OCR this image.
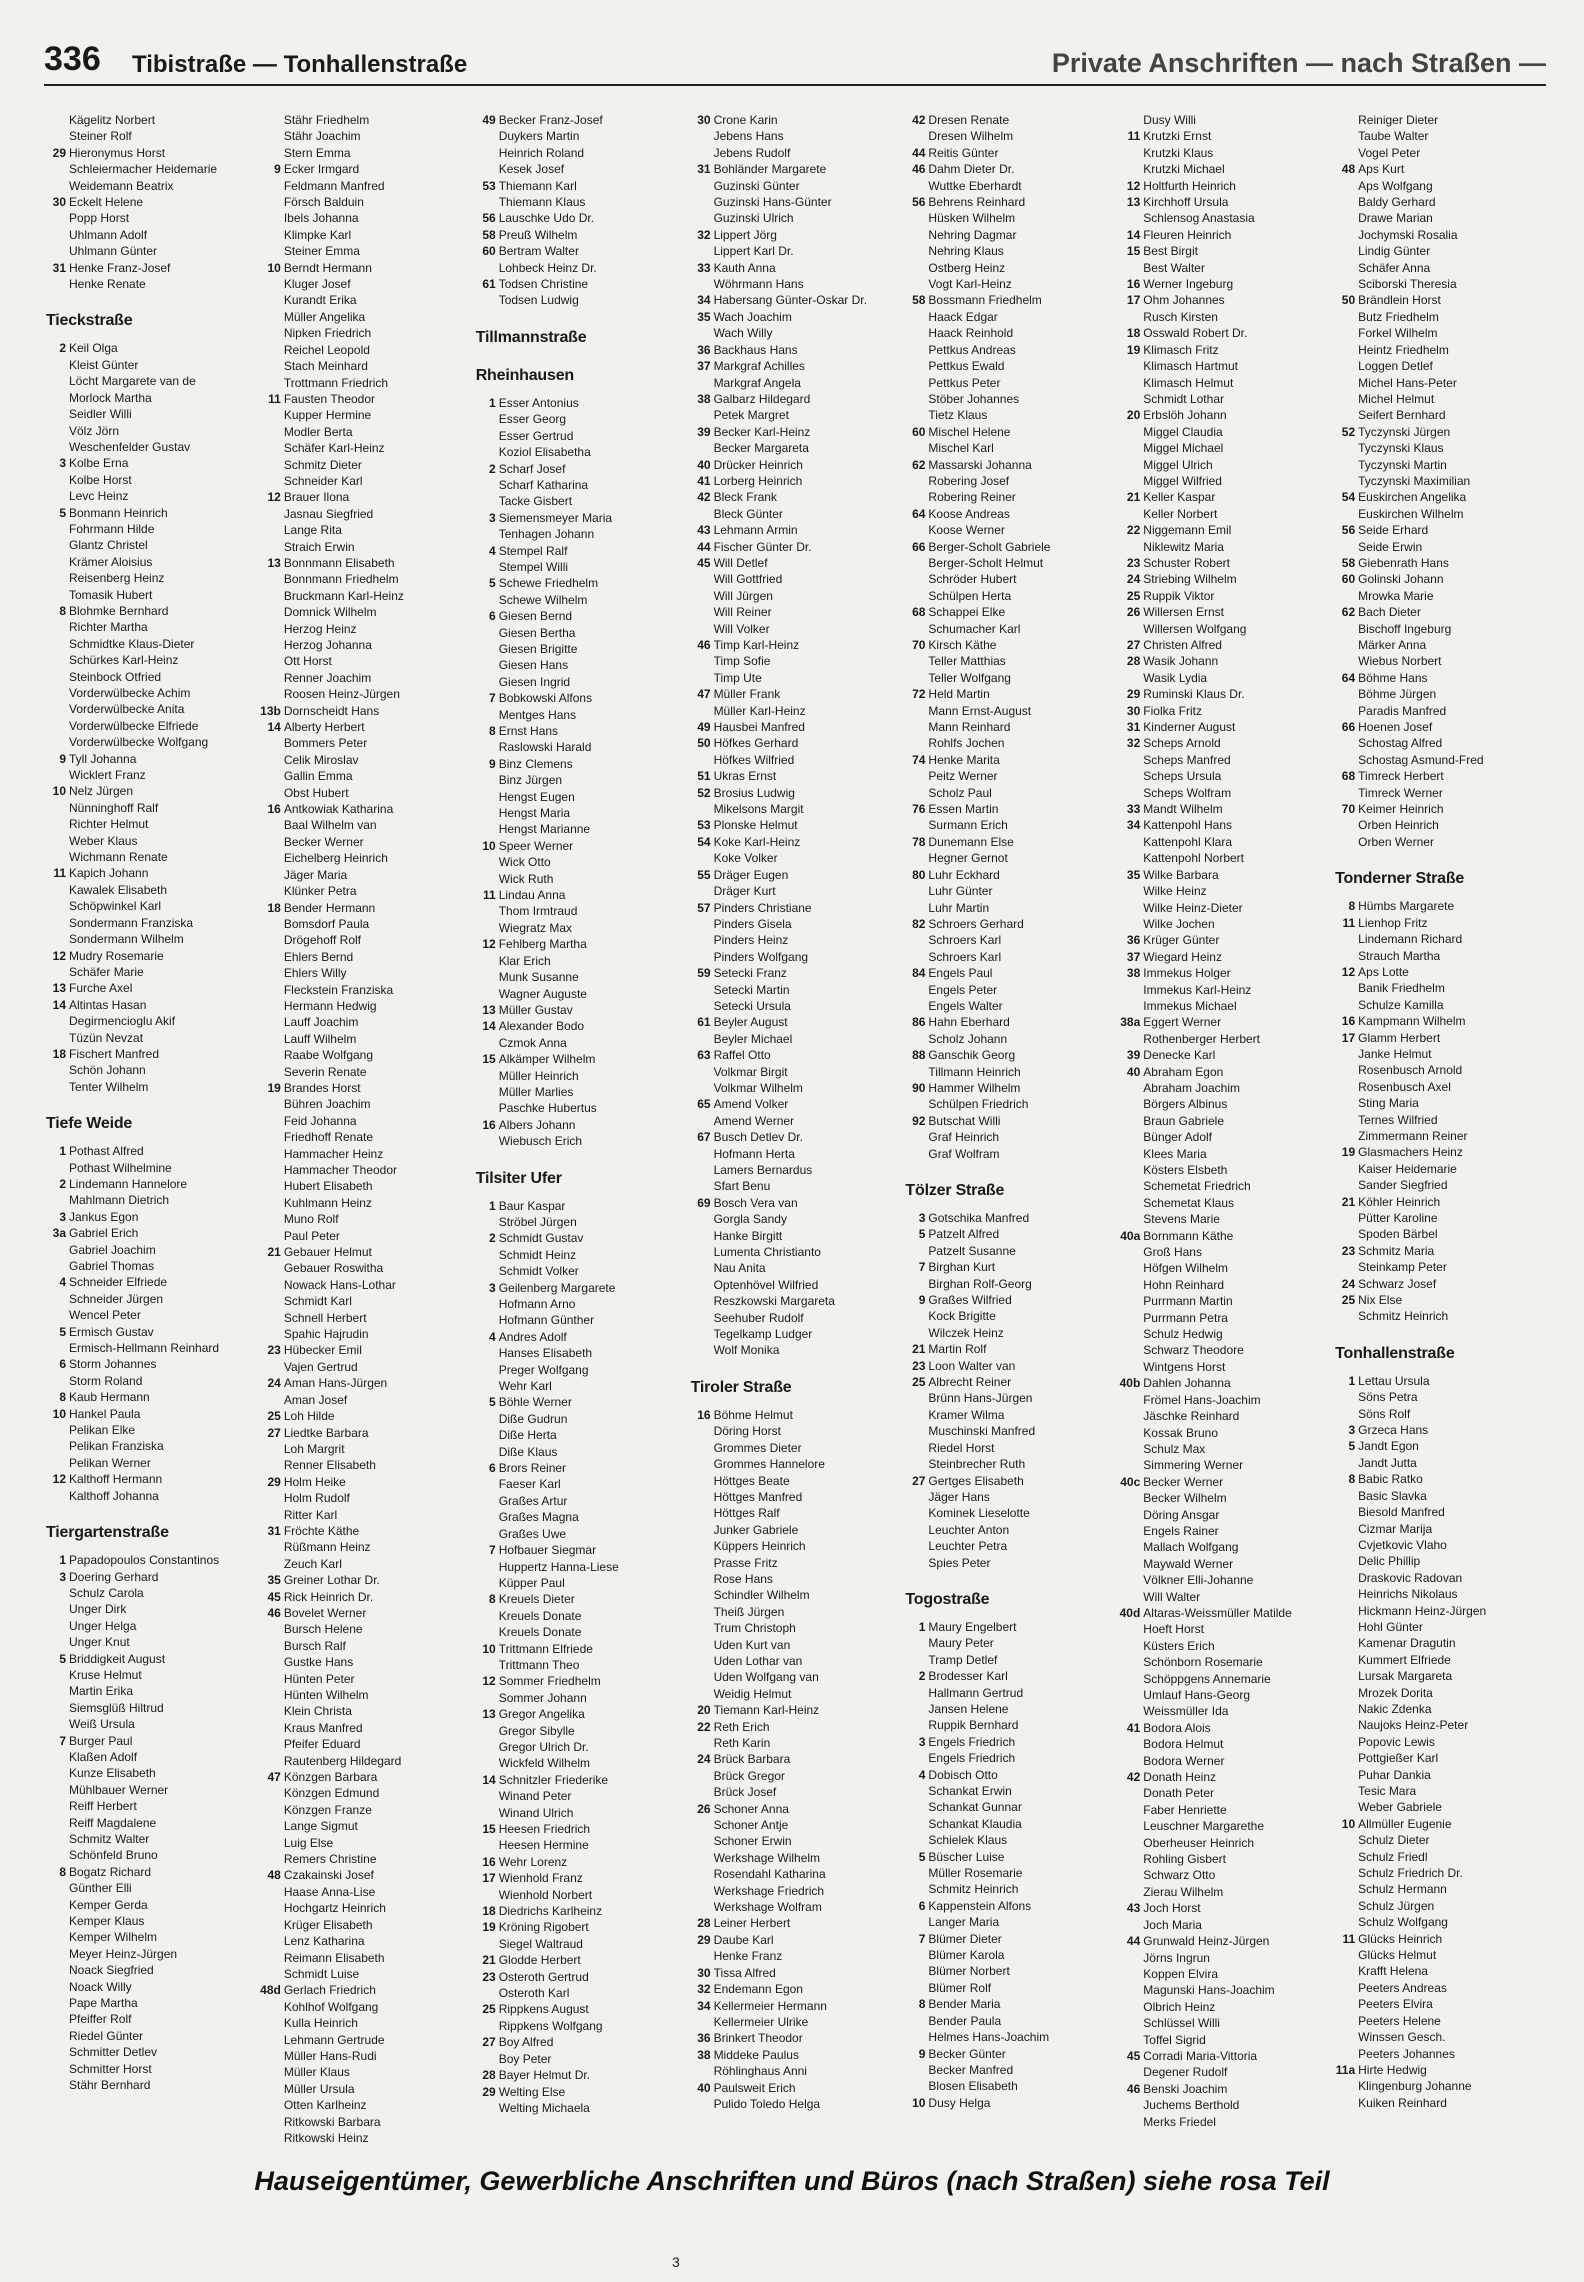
336 Tibistraße — Tonhallenstraße	Private Anschriften — nach Straßen —
Kägelitz Norbert
Steiner Rolf
29 Hieronymus Horst
Schleiermacher Heidemarie
Weidemann Beatrix
30 Eckelt Helene
Popp Horst
Uhlmann Adolf
Uhlmann Günter
31 Henke Franz-Josef
Henke Renate
Tieckstraße
2 Keil Olga
Kleist Günter
Löcht Margarete van de
Morlock Martha
Seidler Willi
Völz Jörn
Weschenfelder Gustav
3 Kolbe Erna
Kolbe Horst
Levc Heinz
5 Bonmann Heinrich
Fohrmann Hilde
Glantz Christel
Krämer Aloisius
Reisenberg Heinz
Tomasik Hubert
8 Blohmke Bernhard
Richter Martha
Schmidtke Klaus-Dieter
Schürkes Karl-Heinz
Steinbock Otfried
Vorderwülbecke Achim
Vorderwülbecke Anita
Vorderwülbecke Elfriede
Vorderwülbecke Wolfgang
9 Tyll Johanna
Wicklert Franz
10 Nelz Jürgen
Nünninghoff Ralf
Richter Helmut
Weber Klaus
Wichmann Renate
11 Kapich Johann
Kawalek Elisabeth
Schöpwinkel Karl
Sondermann Franziska
Sondermann Wilhelm
12 Mudry Rosemarie
Schäfer Marie
13 Furche Axel
14 Altintas Hasan
Degirmencioglu Akif
Tüzün Nevzat
18 Fischert Manfred
Schön Johann
Tenter Wilhelm
Tiefe Weide
1 Pothast Alfred
Pothast Wilhelmine
2 Lindemann Hannelore
Mahlmann Dietrich
3 Jankus Egon
3a Gabriel Erich
Gabriel Joachim
Gabriel Thomas
4 Schneider Elfriede
Schneider Jürgen
Wencel Peter
5 Ermisch Gustav
Ermisch-Hellmann Reinhard
6 Storm Johannes
Storm Roland
8 Kaub Hermann
10 Hankel Paula
Pelikan Elke
Pelikan Franziska
Pelikan Werner
12 Kalthoff Hermann
Kalthoff Johanna
Tiergartenstraße
1 Papadopoulos Constantinos
3 Doering Gerhard
Schulz Carola
Unger Dirk
Unger Helga
Unger Knut
5 Briddigkeit August
Kruse Helmut
Martin Erika
Siemsglüß Hiltrud
Weiß Ursula
7 Burger Paul
Klaßen Adolf
Kunze Elisabeth
Mühlbauer Werner
Reiff Herbert
Reiff Magdalene
Schmitz Walter
Schönfeld Bruno
8 Bogatz Richard
Günther Elli
Kemper Gerda
Kemper Klaus
Kemper Wilhelm
Meyer Heinz-Jürgen
Noack Siegfried
Noack Willy
Pape Martha
Pfeiffer Rolf
Riedel Günter
Schmitter Detlev
Schmitter Horst
Stähr Bernhard
Stähr Friedhelm
Stähr Joachim
Stern Emma
9 Ecker Irmgard
Feldmann Manfred
Försch Balduin
Ibels Johanna
Klimpke Karl
Steiner Emma
10 Berndt Hermann
Kluger Josef
Kurandt Erika
Müller Angelika
Nipken Friedrich
Reichel Leopold
Stach Meinhard
Trottmann Friedrich
11 Fausten Theodor
Kupper Hermine
Modler Berta
Schäfer Karl-Heinz
Schmitz Dieter
Schneider Karl
12 Brauer Ilona
Jasnau Siegfried
Lange Rita
Straich Erwin
13 Bonnmann Elisabeth
Bonnmann Friedhelm
Bruckmann Karl-Heinz
Domnick Wilhelm
Herzog Heinz
Herzog Johanna
Ott Horst
Renner Joachim
Roosen Heinz-Jürgen
13b Dornscheidt Hans
14 Alberty Herbert
Bommers Peter
Celik Miroslav
Gallin Emma
Obst Hubert
16 Antkowiak Katharina
Baal Wilhelm van
Becker Werner
Eichelberg Heinrich
Jäger Maria
Klünker Petra
18 Bender Hermann
Bomsdorf Paula
Drögehoff Rolf
Ehlers Bernd
Ehlers Willy
Fleckstein Franziska
Hermann Hedwig
Lauff Joachim
Lauff Wilhelm
Raabe Wolfgang
Severin Renate
19 Brandes Horst
Bühren Joachim
Feid Johanna
Friedhoff Renate
Hammacher Heinz
Hammacher Theodor
Hubert Elisabeth
Kuhlmann Heinz
Muno Rolf
Paul Peter
21 Gebauer Helmut
Gebauer Roswitha
Nowack Hans-Lothar
Schmidt Karl
Schnell Herbert
Spahic Hajrudin
23 Hübecker Emil
Vajen Gertrud
24 Aman Hans-Jürgen
Aman Josef
25 Loh Hilde
27 Liedtke Barbara
Loh Margrit
Renner Elisabeth
29 Holm Heike
Holm Rudolf
Ritter Karl
31 Fröchte Käthe
Rüßmann Heinz
Zeuch Karl
35 Greiner Lothar Dr.
45 Rick Heinrich Dr.
46 Bovelet Werner
Bursch Helene
Bursch Ralf
Gustke Hans
Hünten Peter
Hünten Wilhelm
Klein Christa
Kraus Manfred
Pfeifer Eduard
Rautenberg Hildegard
47 Könzgen Barbara
Könzgen Edmund
Könzgen Franze
Lange Sigmut
Luig Else
Remers Christine
48 Czakainski Josef
Haase Anna-Lise
Hochgartz Heinrich
Krüger Elisabeth
Lenz Katharina
Reimann Elisabeth
Schmidt Luise
48d Gerlach Friedrich
Kohlhof Wolfgang
Kulla Heinrich
Lehmann Gertrude
Müller Hans-Rudi
Müller Klaus
Müller Ursula
Otten Karlheinz
Ritkowski Barbara
Ritkowski Heinz
49 Becker Franz-Josef
Duykers Martin
Heinrich Roland
Kesek Josef
53 Thiemann Karl
Thiemann Klaus
56 Lauschke Udo Dr.
58 Preuß Wilhelm
60 Bertram Walter
Lohbeck Heinz Dr.
61 Todsen Christine
Todsen Ludwig
Tillmannstraße
Rheinhausen
1 Esser Antonius
Esser Georg
Esser Gertrud
Koziol Elisabetha
2 Scharf Josef
Scharf Katharina
Tacke Gisbert
3 Siemensmeyer Maria
Tenhagen Johann
4 Stempel Ralf
Stempel Willi
5 Schewe Friedhelm
Schewe Wilhelm
6 Giesen Bernd
Giesen Bertha
Giesen Brigitte
Giesen Hans
Giesen Ingrid
7 Bobkowski Alfons
Mentges Hans
8 Ernst Hans
Raslowski Harald
9 Binz Clemens
Binz Jürgen
Hengst Eugen
Hengst Maria
Hengst Marianne
10 Speer Werner
Wick Otto
Wick Ruth
11 Lindau Anna
Thom Irmtraud
Wiegratz Max
12 Fehlberg Martha
Klar Erich
Munk Susanne
Wagner Auguste
13 Müller Gustav
14 Alexander Bodo
Czmok Anna
15 Alkämper Wilhelm
Müller Heinrich
Müller Marlies
Paschke Hubertus
16 Albers Johann
Wiebusch Erich
Tilsiter Ufer
1 Baur Kaspar
Ströbel Jürgen
2 Schmidt Gustav
Schmidt Heinz
Schmidt Volker
3 Geilenberg Margarete
Hofmann Arno
Hofmann Günther
4 Andres Adolf
Hanses Elisabeth
Preger Wolfgang
Wehr Karl
5 Böhle Werner
Diße Gudrun
Diße Herta
Diße Klaus
6 Brors Reiner
Faeser Karl
Graßes Artur
Graßes Magna
Graßes Uwe
7 Hofbauer Siegmar
Huppertz Hanna-Liese
Küpper Paul
8 Kreuels Dieter
Kreuels Donate
Kreuels Donate
10 Trittmann Elfriede
Trittmann Theo
12 Sommer Friedhelm
Sommer Johann
13 Gregor Angelika
Gregor Sibylle
Gregor Ulrich Dr.
Wickfeld Wilhelm
14 Schnitzler Friederike
Winand Peter
Winand Ulrich
15 Heesen Friedrich
Heesen Hermine
16 Wehr Lorenz
17 Wienhold Franz
Wienhold Norbert
18 Diedrichs Karlheinz
19 Kröning Rigobert
Siegel Waltraud
21 Glodde Herbert
23 Osteroth Gertrud
Osteroth Karl
25 Rippkens August
Rippkens Wolfgang
27 Boy Alfred
Boy Peter
28 Bayer Helmut Dr.
29 Welting Else
Welting Michaela
30 Crone Karin
Jebens Hans
Jebens Rudolf
31 Bohländer Margarete
Guzinski Günter
Guzinski Hans-Günter
Guzinski Ulrich
32 Lippert Jörg
Lippert Karl Dr.
33 Kauth Anna
Wöhrmann Hans
34 Habersang Günter-Oskar Dr.
35 Wach Joachim
Wach Willy
36 Backhaus Hans
37 Markgraf Achilles
Markgraf Angela
38 Galbarz Hildegard
Petek Margret
39 Becker Karl-Heinz
Becker Margareta
40 Drücker Heinrich
41 Lorberg Heinrich
42 Bleck Frank
Bleck Günter
43 Lehmann Armin
44 Fischer Günter Dr.
45 Will Detlef
Will Gottfried
Will Jürgen
Will Reiner
Will Volker
46 Timp Karl-Heinz
Timp Sofie
Timp Ute
47 Müller Frank
Müller Karl-Heinz
49 Hausbei Manfred
50 Höfkes Gerhard
Höfkes Wilfried
51 Ukras Ernst
52 Brosius Ludwig
Mikelsons Margit
53 Plonske Helmut
54 Koke Karl-Heinz
Koke Volker
55 Dräger Eugen
Dräger Kurt
57 Pinders Christiane
Pinders Gisela
Pinders Heinz
Pinders Wolfgang
59 Setecki Franz
Setecki Martin
Setecki Ursula
61 Beyler August
Beyler Michael
63 Raffel Otto
Volkmar Birgit
Volkmar Wilhelm
65 Amend Volker
Amend Werner
67 Busch Detlev Dr.
Hofmann Herta
Lamers Bernardus
Sfart Benu
69 Bosch Vera van
Gorgla Sandy
Hanke Birgitt
Lumenta Christianto
Nau Anita
Optenhövel Wilfried
Reszkowski Margareta
Seehuber Rudolf
Tegelkamp Ludger
Wolf Monika
Tiroler Straße
16 Böhme Helmut
Döring Horst
Grommes Dieter
Grommes Hannelore
Höttges Beate
Höttges Manfred
Höttges Ralf
Junker Gabriele
Küppers Heinrich
Prasse Fritz
Rose Hans
Schindler Wilhelm
Theiß Jürgen
Trum Christoph
Uden Kurt van
Uden Lothar van
Uden Wolfgang van
Weidig Helmut
20 Tiemann Karl-Heinz
22 Reth Erich
Reth Karin
24 Brück Barbara
Brück Gregor
Brück Josef
26 Schoner Anna
Schoner Antje
Schoner Erwin
Werkshage Wilhelm
Rosendahl Katharina
Werkshage Friedrich
Werkshage Wolfram
28 Leiner Herbert
29 Daube Karl
Henke Franz
30 Tissa Alfred
32 Endemann Egon
34 Kellermeier Hermann
Kellermeier Ulrike
36 Brinkert Theodor
38 Middeke Paulus
Röhlinghaus Anni
40 Paulsweit Erich
Pulido Toledo Helga
42 Dresen Renate
Dresen Wilhelm
44 Reitis Günter
46 Dahm Dieter Dr.
Wuttke Eberhardt
56 Behrens Reinhard
Hüsken Wilhelm
Nehring Dagmar
Nehring Klaus
Ostberg Heinz
Vogt Karl-Heinz
58 Bossmann Friedhelm
Haack Edgar
Haack Reinhold
Pettkus Andreas
Pettkus Ewald
Pettkus Peter
Stöber Johannes
Tietz Klaus
60 Mischel Helene
Mischel Karl
62 Massarski Johanna
Robering Josef
Robering Reiner
64 Koose Andreas
Koose Werner
66 Berger-Scholt Gabriele
Berger-Scholt Helmut
Schröder Hubert
Schülpen Herta
68 Schappei Elke
Schumacher Karl
70 Kirsch Käthe
Teller Matthias
Teller Wolfgang
72 Held Martin
Mann Ernst-August
Mann Reinhard
Rohlfs Jochen
74 Henke Marita
Peitz Werner
Scholz Paul
76 Essen Martin
Surmann Erich
78 Dunemann Else
Hegner Gernot
80 Luhr Eckhard
Luhr Günter
Luhr Martin
82 Schroers Gerhard
Schroers Karl
Schroers Karl
84 Engels Paul
Engels Peter
Engels Walter
86 Hahn Eberhard
Scholz Johann
88 Ganschik Georg
Tillmann Heinrich
90 Hammer Wilhelm
Schülpen Friedrich
92 Butschat Willi
Graf Heinrich
Graf Wolfram
Tölzer Straße
3 Gotschika Manfred
5 Patzelt Alfred
Patzelt Susanne
7 Birghan Kurt
Birghan Rolf-Georg
9 Graßes Wilfried
Kock Brigitte
Wilczek Heinz
21 Martin Rolf
23 Loon Walter van
25 Albrecht Reiner
Brünn Hans-Jürgen
Kramer Wilma
Muschinski Manfred
Riedel Horst
Steinbrecher Ruth
27 Gertges Elisabeth
Jäger Hans
Kominek Lieselotte
Leuchter Anton
Leuchter Petra
Spies Peter
Togostraße
1 Maury Engelbert
Maury Peter
Tramp Detlef
2 Brodesser Karl
Hallmann Gertrud
Jansen Helene
Ruppik Bernhard
3 Engels Friedrich
Engels Friedrich
4 Dobisch Otto
Schankat Erwin
Schankat Gunnar
Schankat Klaudia
Schielek Klaus
5 Büscher Luise
Müller Rosemarie
Schmitz Heinrich
6 Kappenstein Alfons
Langer Maria
7 Blümer Dieter
Blümer Karola
Blümer Norbert
Blümer Rolf
8 Bender Maria
Bender Paula
Helmes Hans-Joachim
9 Becker Günter
Becker Manfred
Blosen Elisabeth
10 Dusy Helga
Dusy Willi
11 Krutzki Ernst
Krutzki Klaus
Krutzki Michael
12 Holtfurth Heinrich
13 Kirchhoff Ursula
Schlensog Anastasia
14 Fleuren Heinrich
15 Best Birgit
Best Walter
16 Werner Ingeburg
17 Ohm Johannes
Rusch Kirsten
18 Osswald Robert Dr.
19 Klimasch Fritz
Klimasch Hartmut
Klimasch Helmut
Schmidt Lothar
20 Erbslöh Johann
Miggel Claudia
Miggel Michael
Miggel Ulrich
Miggel Wilfried
21 Keller Kaspar
Keller Norbert
22 Niggemann Emil
Niklewitz Maria
23 Schuster Robert
24 Striebing Wilhelm
25 Ruppik Viktor
26 Willersen Ernst
Willersen Wolfgang
27 Christen Alfred
28 Wasik Johann
Wasik Lydia
29 Ruminski Klaus Dr.
30 Fiolka Fritz
31 Kinderner August
32 Scheps Arnold
Scheps Manfred
Scheps Ursula
Scheps Wolfram
33 Mandt Wilhelm
34 Kattenpohl Hans
Kattenpohl Klara
Kattenpohl Norbert
35 Wilke Barbara
Wilke Heinz
Wilke Heinz-Dieter
Wilke Jochen
36 Krüger Günter
37 Wiegard Heinz
38 Immekus Holger
Immekus Karl-Heinz
Immekus Michael
38a Eggert Werner
Rothenberger Herbert
39 Denecke Karl
40 Abraham Egon
Abraham Joachim
Börgers Albinus
Braun Gabriele
Bünger Adolf
Klees Maria
Kösters Elsbeth
Schemetat Friedrich
Schemetat Klaus
Stevens Marie
40a Bornmann Käthe
Groß Hans
Höfgen Wilhelm
Hohn Reinhard
Purrmann Martin
Purrmann Petra
Schulz Hedwig
Schwarz Theodore
Wintgens Horst
40b Dahlen Johanna
Frömel Hans-Joachim
Jäschke Reinhard
Kossak Bruno
Schulz Max
Simmering Werner
40c Becker Werner
Becker Wilhelm
Döring Ansgar
Engels Rainer
Mallach Wolfgang
Maywald Werner
Völkner Elli-Johanne
Will Walter
40d Altaras-Weissmüller Matilde
Hoeft Horst
Küsters Erich
Schönborn Rosemarie
Schöppgens Annemarie
Umlauf Hans-Georg
Weissmüller Ida
41 Bodora Alois
Bodora Helmut
Bodora Werner
42 Donath Heinz
Donath Peter
Faber Henriette
Leuschner Margarethe
Oberheuser Heinrich
Rohling Gisbert
Schwarz Otto
Zierau Wilhelm
43 Joch Horst
Joch Maria
44 Grunwald Heinz-Jürgen
Jörns Ingrun
Koppen Elvira
Magunski Hans-Joachim
Olbrich Heinz
Schlüssel Willi
Toffel Sigrid
45 Corradi Maria-Vittoria
Degener Rudolf
46 Benski Joachim
Juchems Berthold
Merks Friedel
Reiniger Dieter
Taube Walter
Vogel Peter
48 Aps Kurt
Aps Wolfgang
Baldy Gerhard
Drawe Marian
Jochymski Rosalia
Lindig Günter
Schäfer Anna
Sciborski Theresia
50 Brändlein Horst
Butz Friedhelm
Forkel Wilhelm
Heintz Friedhelm
Loggen Detlef
Michel Hans-Peter
Michel Helmut
Seifert Bernhard
52 Tyczynski Jürgen
Tyczynski Klaus
Tyczynski Martin
Tyczynski Maximilian
54 Euskirchen Angelika
Euskirchen Wilhelm
56 Seide Erhard
Seide Erwin
58 Giebenrath Hans
60 Golinski Johann
Mrowka Marie
62 Bach Dieter
Bischoff Ingeburg
Märker Anna
Wiebus Norbert
64 Böhme Hans
Böhme Jürgen
Paradis Manfred
66 Hoenen Josef
Schostag Alfred
Schostag Asmund-Fred
68 Timreck Herbert
Timreck Werner
70 Keimer Heinrich
Orben Heinrich
Orben Werner
Tonderner Straße
8 Hümbs Margarete
11 Lienhop Fritz
Lindemann Richard
Strauch Martha
12 Aps Lotte
Banik Friedhelm
Schulze Kamilla
16 Kampmann Wilhelm
17 Glamm Herbert
Janke Helmut
Rosenbusch Arnold
Rosenbusch Axel
Sting Maria
Ternes Wilfried
Zimmermann Reiner
19 Glasmachers Heinz
Kaiser Heidemarie
Sander Siegfried
21 Köhler Heinrich
Pütter Karoline
Spoden Bärbel
23 Schmitz Maria
Steinkamp Peter
24 Schwarz Josef
25 Nix Else
Schmitz Heinrich
Tonhallenstraße
1 Lettau Ursula
Söns Petra
Söns Rolf
3 Grzeca Hans
5 Jandt Egon
Jandt Jutta
8 Babic Ratko
Basic Slavka
Biesold Manfred
Cizmar Marija
Cvjetkovic Vlaho
Delic Phillip
Draskovic Radovan
Heinrichs Nikolaus
Hickmann Heinz-Jürgen
Hohl Günter
Kamenar Dragutin
Kummert Elfriede
Lursak Margareta
Mrozek Dorita
Nakic Zdenka
Naujoks Heinz-Peter
Popovic Lewis
Pottgießer Karl
Puhar Dankia
Tesic Mara
Weber Gabriele
10 Allmüller Eugenie
Schulz Dieter
Schulz Friedl
Schulz Friedrich Dr.
Schulz Hermann
Schulz Jürgen
Schulz Wolfgang
11 Glücks Heinrich
Glücks Helmut
Krafft Helena
Peeters Andreas
Peeters Elvira
Peeters Helene
Winssen Gesch.
Peeters Johannes
11a Hirte Hedwig
Klingenburg Johanne
Kuiken Reinhard
Hauseigentümer, Gewerbliche Anschriften und Büros (nach Straßen) siehe rosa Teil
3
